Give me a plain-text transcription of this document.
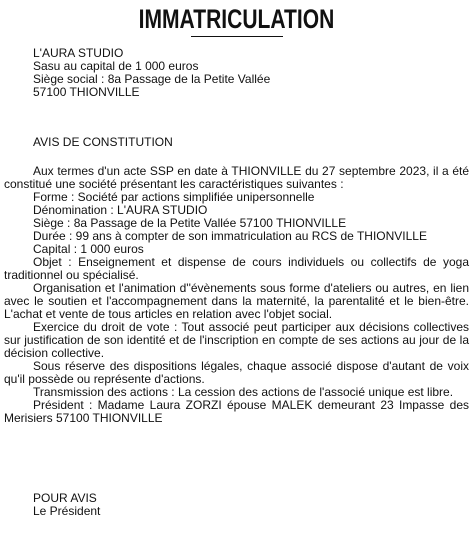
IMMATRICULATION
L'AURA STUDIO
Sasu au capital de 1 000 euros
Siège social : 8a Passage de la Petite Vallée
57100 THIONVILLE
AVIS DE CONSTITUTION

Aux termes d'un acte SSP en date à THIONVILLE du 27 septembre 2023, il a été constitué une société présentant les caractéristiques suivantes :

Forme : Société par actions simplifiée unipersonnelle

Dénomination : L'AURA STUDIO

Siège : 8a Passage de la Petite Vallée 57100 THIONVILLE

Durée : 99 ans à compter de son immatriculation au RCS de THIONVILLE

Capital : 1 000 euros

Objet : Enseignement et dispense de cours individuels ou collectifs de yoga traditionnel ou spécialisé.

Organisation et l'animation d''évènements sous forme d'ateliers ou autres, en lien avec le soutien et l'accompagnement dans la maternité, la parentalité et le bien-être. L'achat et vente de tous articles en relation avec l'objet social.

Exercice du droit de vote : Tout associé peut participer aux décisions collectives sur justification de son identité et de l'inscription en compte de ses actions au jour de la décision collective.

Sous réserve des dispositions légales, chaque associé dispose d'autant de voix qu'il possède ou représente d'actions.

Transmission des actions : La cession des actions de l'associé unique est libre.

Président : Madame Laura ZORZI épouse MALEK demeurant 23 Impasse des Merisiers 57100 THIONVILLE

POUR AVIS
Le Président
